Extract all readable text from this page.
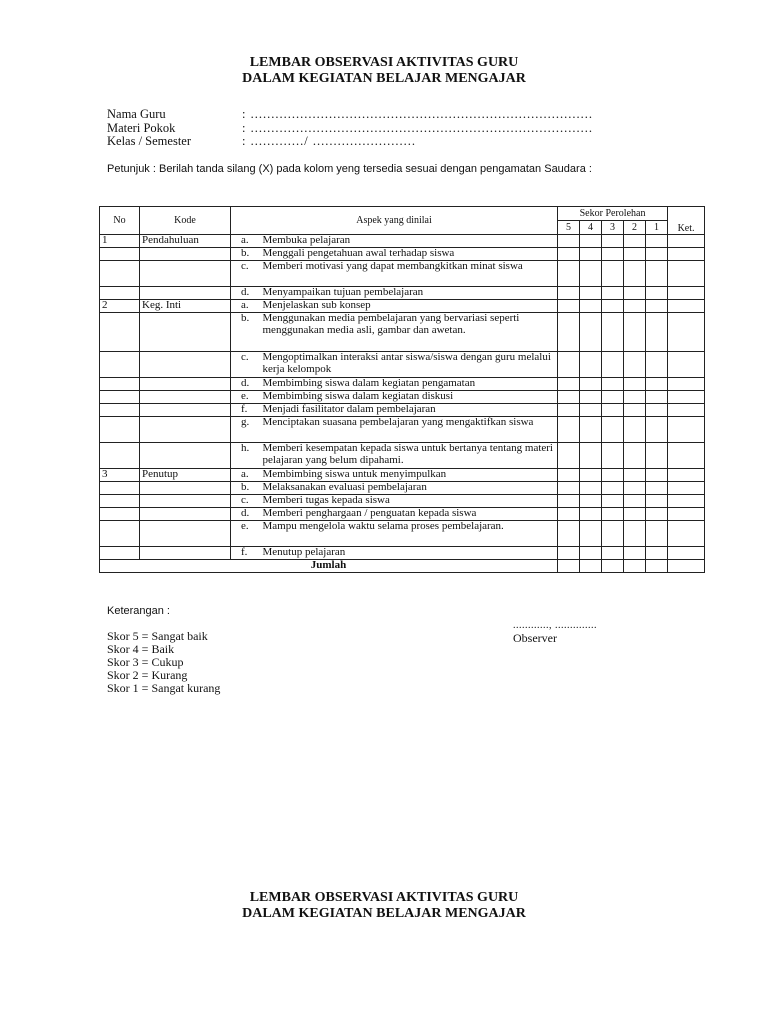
LEMBAR OBSERVASI AKTIVITAS GURU
DALAM KEGIATAN BELAJAR MENGAJAR
Nama Guru	: ...................................................................................
Materi Pokok	: ...................................................................................
Kelas / Semester	: ............./ .........................
Petunjuk : Berilah tanda silang (X) pada kolom yeng tersedia sesuai dengan pengamatan Saudara :
No	Kode	Aspek yang dinilai		Sekor Perolehan					Ket.
				5	4	3	2	1	
1	Pendahuluan	a.	Membuka pelajaran						
		b.	Menggali pengetahuan awal terhadap siswa						
		c.	Memberi motivasi yang dapat membangkitkan minat siswa						
		d.	Menyampaikan tujuan pembelajaran						
2	Keg. Inti	a.	Menjelaskan sub konsep						
		b.	Menggunakan media pembelajaran yang bervariasi seperti menggunakan media asli, gambar dan awetan.						
		c.	Mengoptimalkan interaksi antar siswa/siswa dengan guru melalui kerja kelompok						
		d.	Membimbing siswa dalam kegiatan pengamatan						
		e.	Membimbing siswa dalam kegiatan diskusi						
		f.	Menjadi fasilitator dalam pembelajaran						
		g.	Menciptakan suasana pembelajaran yang mengaktifkan siswa						
		h.	Memberi kesempatan kepada siswa untuk bertanya tentang materi pelajaran yang belum dipahami.						
3	Penutup	a.	Membimbing siswa untuk menyimpulkan						
		b.	Melaksanakan evaluasi pembelajaran						
		c.	Memberi tugas kepada siswa						
		d.	Memberi penghargaan / penguatan kepada siswa						
		e.	Mampu mengelola waktu selama proses pembelajaran.						
		f.	Menutup pelajaran						
Jumlah									
Keterangan :
Skor 5 = Sangat baik
Skor 4 = Baik
Skor 3 = Cukup
Skor 2 = Kurang
Skor 1 = Sangat kurang
............, ..............
Observer
LEMBAR OBSERVASI AKTIVITAS GURU
DALAM KEGIATAN BELAJAR MENGAJAR
